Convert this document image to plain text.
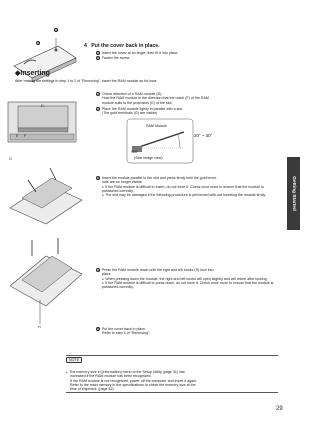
Getting Started
2
1	4 Put the cover back in place.
1 Insert the cover at an angle, then fit it into place.
2 Fasten the screw.
◆Inserting
After making the settings in step 1 to 2 of "Removing", insert the RAM module as fol-lows.
D
E F
1 Check direction of a RAM module (D).
Hold the RAM module in the direction that the notch (F) of the RAM
module suits to the protrusion (E) of the slot.
2 Place the RAM module lightly in parallel with a slot.
(The gold terminals (G) are visible)
RAM Module
Slot
(Side image view)
20° ~ 30°
G
3 Insert the module parallel to the slot and press firmly until the gold termi-
nals are no longer visible.
● If the RAM module is difficult to insert, do not force it. Check once more to ensure that the module is positioned correctly.
● The slot may be damaged if the following procedure is performed with-out inserting the module firmly.
H
4 Press the RAM module down until the right and left hooks (H) lock into
place.
● When pressing down the module, the right and left hooks will open slightly and will return after locking.
● If the RAM module is difficult to press down, do not force it. Check once more to ensure that the module is positioned correctly.
5 Put the cover back in place.
Refer to step 4 of "Removing".
NOTE
● The memory size in [Information] menu of the Setup Utility (page 31) has
increased if the RAM module has been recognized.
If the RAM module is not recognized, power off the computer and insert it again.
Refer to the main memory in the specifications to check the memory size at the
time of shipment. (page 62)
29
